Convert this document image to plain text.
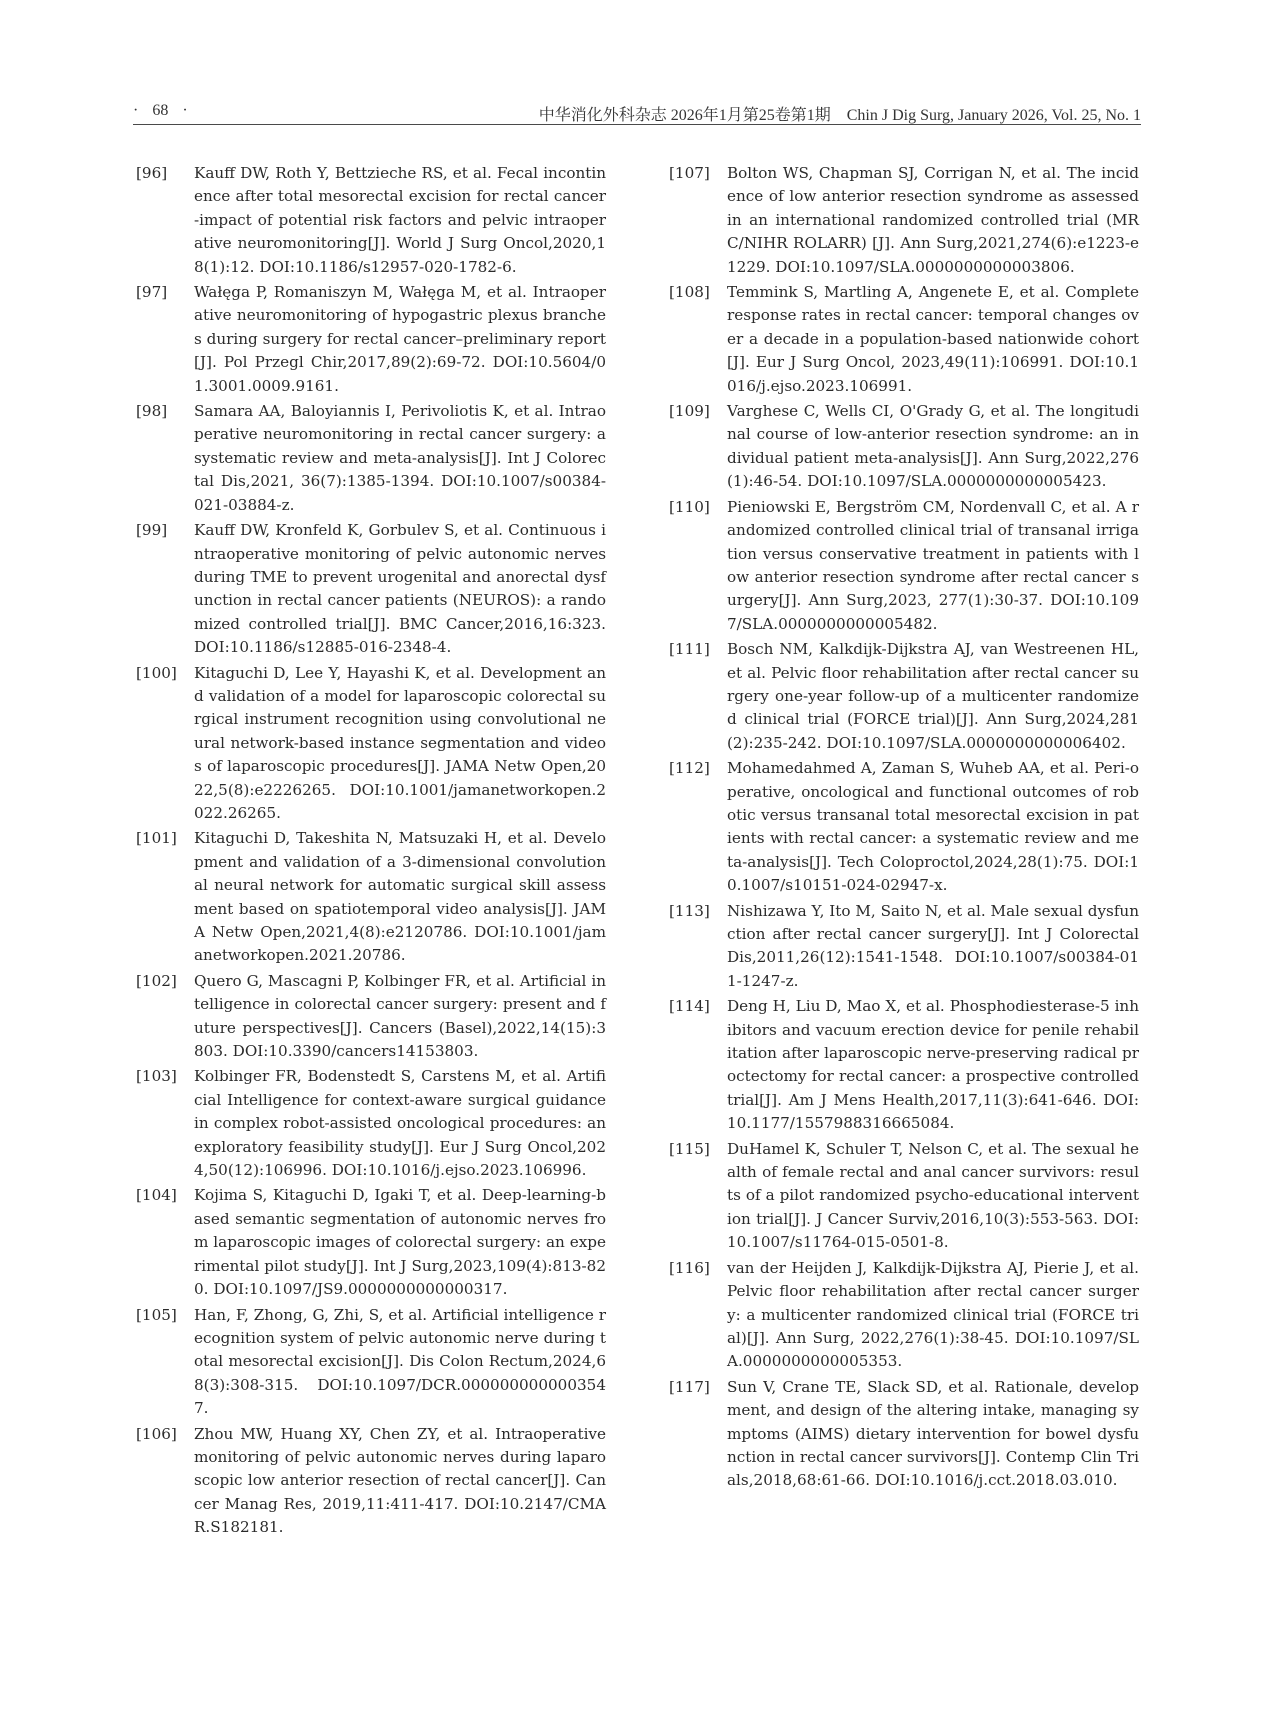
· 68 ·	中华消化外科杂志 2026年1月第25卷第1期 Chin J Dig Surg, January 2026, Vol. 25, No. 1
[96]	Kauff DW, Roth Y, Bettzieche RS, et al. Fecal incontinence after total mesorectal excision for rectal cancer-impact of potential risk factors and pelvic intraoperative neuromonitoring[J]. World J Surg Oncol,2020,18(1):12. DOI:10.1186/s12957-020-1782-6.
[97]	Wałęga P, Romaniszyn M, Wałęga M, et al. Intraoperative neuromonitoring of hypogastric plexus branches during surgery for rectal cancer–preliminary report[J]. Pol Przegl Chir,2017,89(2):69-72. DOI:10.5604/01.3001.0009.9161.
[98]	Samara AA, Baloyiannis I, Perivoliotis K, et al. Intraoperative neuromonitoring in rectal cancer surgery: a systematic review and meta-analysis[J]. Int J Colorectal Dis,2021, 36(7):1385-1394. DOI:10.1007/s00384-021-03884-z.
[99]	Kauff DW, Kronfeld K, Gorbulev S, et al. Continuous intraoperative monitoring of pelvic autonomic nerves during TME to prevent urogenital and anorectal dysfunction in rectal cancer patients (NEUROS): a randomized controlled trial[J]. BMC Cancer,2016,16:323. DOI:10.1186/s12885-016-2348-4.
[100]	Kitaguchi D, Lee Y, Hayashi K, et al. Development and validation of a model for laparoscopic colorectal surgical instrument recognition using convolutional neural network-based instance segmentation and videos of laparoscopic procedures[J]. JAMA Netw Open,2022,5(8):e2226265. DOI:10.1001/jamanetworkopen.2022.26265.
[101]	Kitaguchi D, Takeshita N, Matsuzaki H, et al. Development and validation of a 3-dimensional convolutional neural network for automatic surgical skill assessment based on spatiotemporal video analysis[J]. JAMA Netw Open,2021,4(8):e2120786. DOI:10.1001/jamanetworkopen.2021.20786.
[102]	Quero G, Mascagni P, Kolbinger FR, et al. Artificial intelligence in colorectal cancer surgery: present and future perspectives[J]. Cancers (Basel),2022,14(15):3803. DOI:10.3390/cancers14153803.
[103]	Kolbinger FR, Bodenstedt S, Carstens M, et al. Artificial Intelligence for context-aware surgical guidance in complex robot-assisted oncological procedures: an exploratory feasibility study[J]. Eur J Surg Oncol,2024,50(12):106996. DOI:10.1016/j.ejso.2023.106996.
[104]	Kojima S, Kitaguchi D, Igaki T, et al. Deep-learning-based semantic segmentation of autonomic nerves from laparoscopic images of colorectal surgery: an experimental pilot study[J]. Int J Surg,2023,109(4):813-820. DOI:10.1097/JS9.0000000000000317.
[105]	Han, F, Zhong, G, Zhi, S, et al. Artificial intelligence recognition system of pelvic autonomic nerve during total mesorectal excision[J]. Dis Colon Rectum,2024,68(3):308-315. DOI:10.1097/DCR.0000000000003547.
[106]	Zhou MW, Huang XY, Chen ZY, et al. Intraoperative monitoring of pelvic autonomic nerves during laparoscopic low anterior resection of rectal cancer[J]. Cancer Manag Res, 2019,11:411-417. DOI:10.2147/CMAR.S182181.
[107]	Bolton WS, Chapman SJ, Corrigan N, et al. The incidence of low anterior resection syndrome as assessed in an international randomized controlled trial (MRC/NIHR ROLARR) [J]. Ann Surg,2021,274(6):e1223-e1229. DOI:10.1097/SLA.0000000000003806.
[108]	Temmink S, Martling A, Angenete E, et al. Complete response rates in rectal cancer: temporal changes over a decade in a population-based nationwide cohort[J]. Eur J Surg Oncol, 2023,49(11):106991. DOI:10.1016/j.ejso.2023.106991.
[109]	Varghese C, Wells CI, O'Grady G, et al. The longitudinal course of low-anterior resection syndrome: an individual patient meta-analysis[J]. Ann Surg,2022,276(1):46-54. DOI:10.1097/SLA.0000000000005423.
[110]	Pieniowski E, Bergström CM, Nordenvall C, et al. A randomized controlled clinical trial of transanal irrigation versus conservative treatment in patients with low anterior resection syndrome after rectal cancer surgery[J]. Ann Surg,2023, 277(1):30-37. DOI:10.1097/SLA.0000000000005482.
[111]	Bosch NM, Kalkdijk-Dijkstra AJ, van Westreenen HL, et al. Pelvic floor rehabilitation after rectal cancer surgery one-year follow-up of a multicenter randomized clinical trial (FORCE trial)[J]. Ann Surg,2024,281(2):235-242. DOI:10.1097/SLA.0000000000006402.
[112]	Mohamedahmed A, Zaman S, Wuheb AA, et al. Peri-operative, oncological and functional outcomes of robotic versus transanal total mesorectal excision in patients with rectal cancer: a systematic review and meta-analysis[J]. Tech Coloproctol,2024,28(1):75. DOI:10.1007/s10151-024-02947-x.
[113]	Nishizawa Y, Ito M, Saito N, et al. Male sexual dysfunction after rectal cancer surgery[J]. Int J Colorectal Dis,2011,26(12):1541-1548. DOI:10.1007/s00384-011-1247-z.
[114]	Deng H, Liu D, Mao X, et al. Phosphodiesterase-5 inhibitors and vacuum erection device for penile rehabilitation after laparoscopic nerve-preserving radical proctectomy for rectal cancer: a prospective controlled trial[J]. Am J Mens Health,2017,11(3):641-646. DOI:10.1177/1557988316665084.
[115]	DuHamel K, Schuler T, Nelson C, et al. The sexual health of female rectal and anal cancer survivors: results of a pilot randomized psycho-educational intervention trial[J]. J Cancer Surviv,2016,10(3):553-563. DOI:10.1007/s11764-015-0501-8.
[116]	van der Heijden J, Kalkdijk-Dijkstra AJ, Pierie J, et al. Pelvic floor rehabilitation after rectal cancer surgery: a multicenter randomized clinical trial (FORCE trial)[J]. Ann Surg, 2022,276(1):38-45. DOI:10.1097/SLA.0000000000005353.
[117]	Sun V, Crane TE, Slack SD, et al. Rationale, development, and design of the altering intake, managing symptoms (AIMS) dietary intervention for bowel dysfunction in rectal cancer survivors[J]. Contemp Clin Trials,2018,68:61-66. DOI:10.1016/j.cct.2018.03.010.
